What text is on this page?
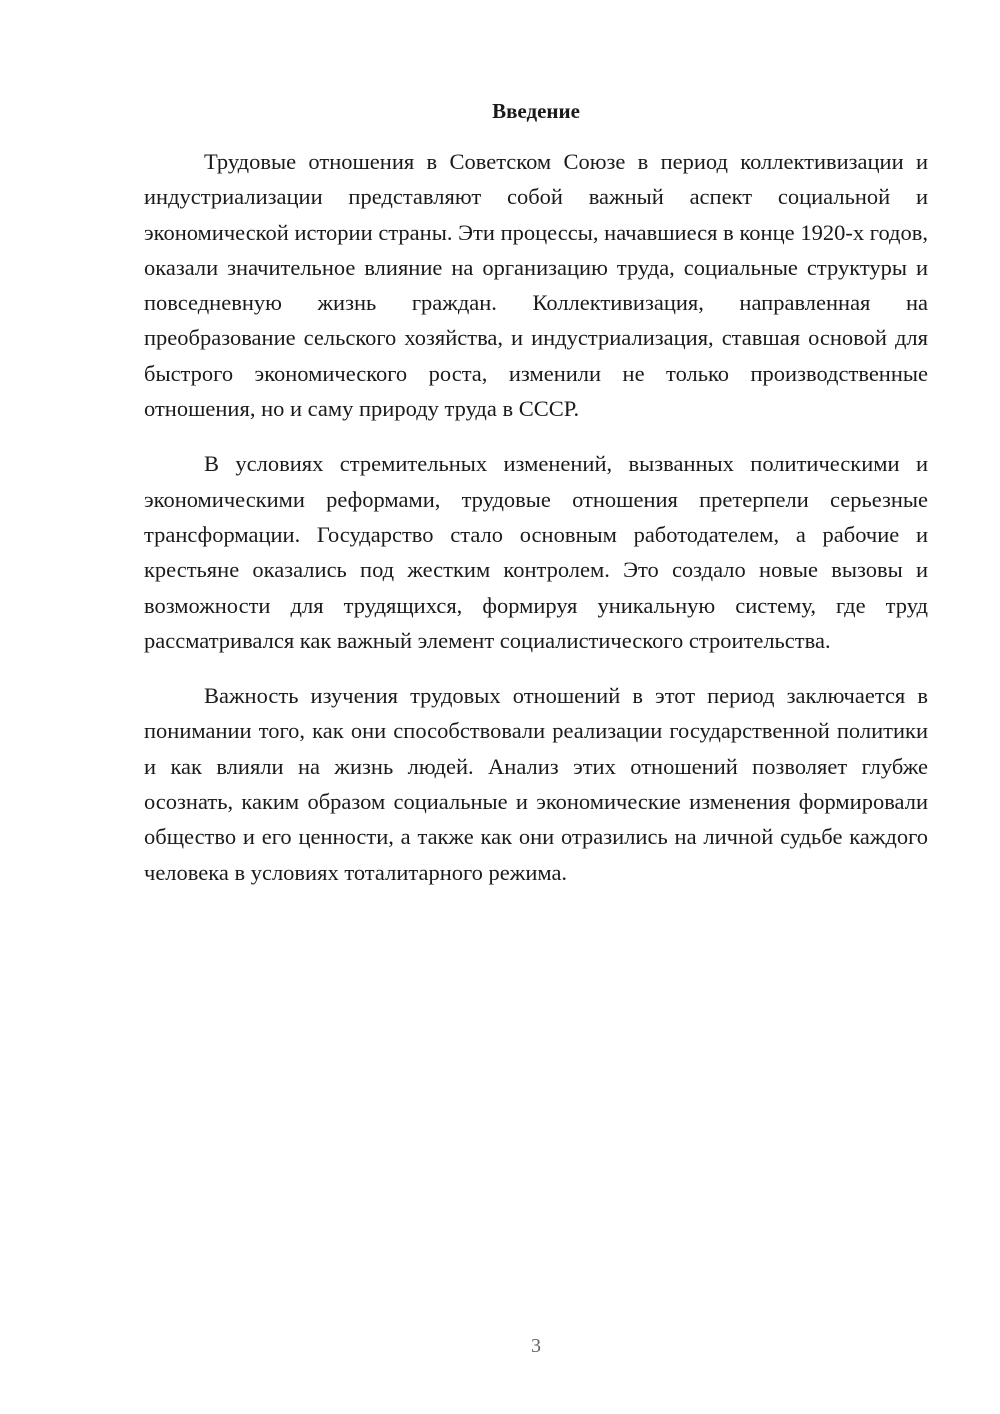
Введение

Трудовые отношения в Советском Союзе в период коллективизации и индустриализации представляют собой важный аспект социальной и экономической истории страны. Эти процессы, начавшиеся в конце 1920-х годов, оказали значительное влияние на организацию труда, социальные структуры и повседневную жизнь граждан. Коллективизация, направленная на преобразование сельского хозяйства, и индустриализация, ставшая основой для быстрого экономического роста, изменили не только производственные отношения, но и саму природу труда в СССР.

В условиях стремительных изменений, вызванных политическими и экономическими реформами, трудовые отношения претерпели серьезные трансформации. Государство стало основным работодателем, а рабочие и крестьяне оказались под жестким контролем. Это создало новые вызовы и возможности для трудящихся, формируя уникальную систему, где труд рассматривался как важный элемент социалистического строительства.

Важность изучения трудовых отношений в этот период заключается в понимании того, как они способствовали реализации государственной политики и как влияли на жизнь людей. Анализ этих отношений позволяет глубже осознать, каким образом социальные и экономические изменения формировали общество и его ценности, а также как они отразились на личной судьбе каждого человека в условиях тоталитарного режима.

3
